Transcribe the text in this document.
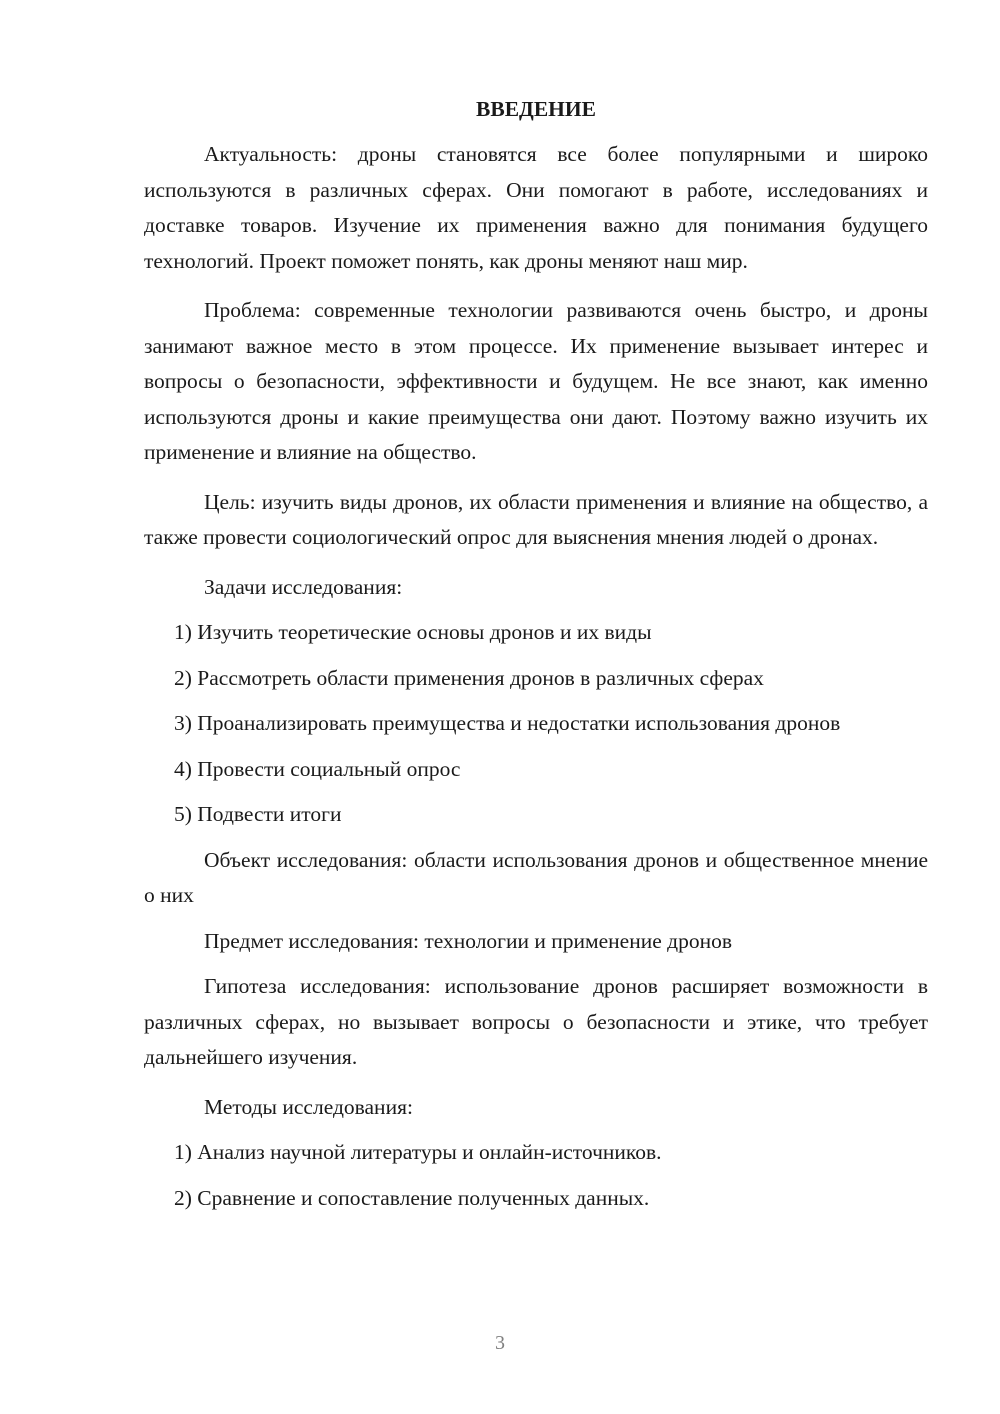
ВВЕДЕНИЕ

Актуальность: дроны становятся все более популярными и широко используются в различных сферах. Они помогают в работе, исследованиях и доставке товаров. Изучение их применения важно для понимания будущего технологий. Проект поможет понять, как дроны меняют наш мир.

Проблема: современные технологии развиваются очень быстро, и дроны занимают важное место в этом процессе. Их применение вызывает интерес и вопросы о безопасности, эффективности и будущем. Не все знают, как именно используются дроны и какие преимущества они дают. Поэтому важно изучить их применение и влияние на общество.

Цель: изучить виды дронов, их области применения и влияние на общество, а также провести социологический опрос для выяснения мнения людей о дронах.

Задачи исследования:

1) Изучить теоретические основы дронов и их виды

2) Рассмотреть области применения дронов в различных сферах

3) Проанализировать преимущества и недостатки использования дронов

4) Провести социальный опрос

5) Подвести итоги

Объект исследования: области использования дронов и общественное мнение о них

Предмет исследования: технологии и применение дронов

Гипотеза исследования: использование дронов расширяет возможности в различных сферах, но вызывает вопросы о безопасности и этике, что требует дальнейшего изучения.

Методы исследования:

1) Анализ научной литературы и онлайн-источников.

2) Сравнение и сопоставление полученных данных.

3
